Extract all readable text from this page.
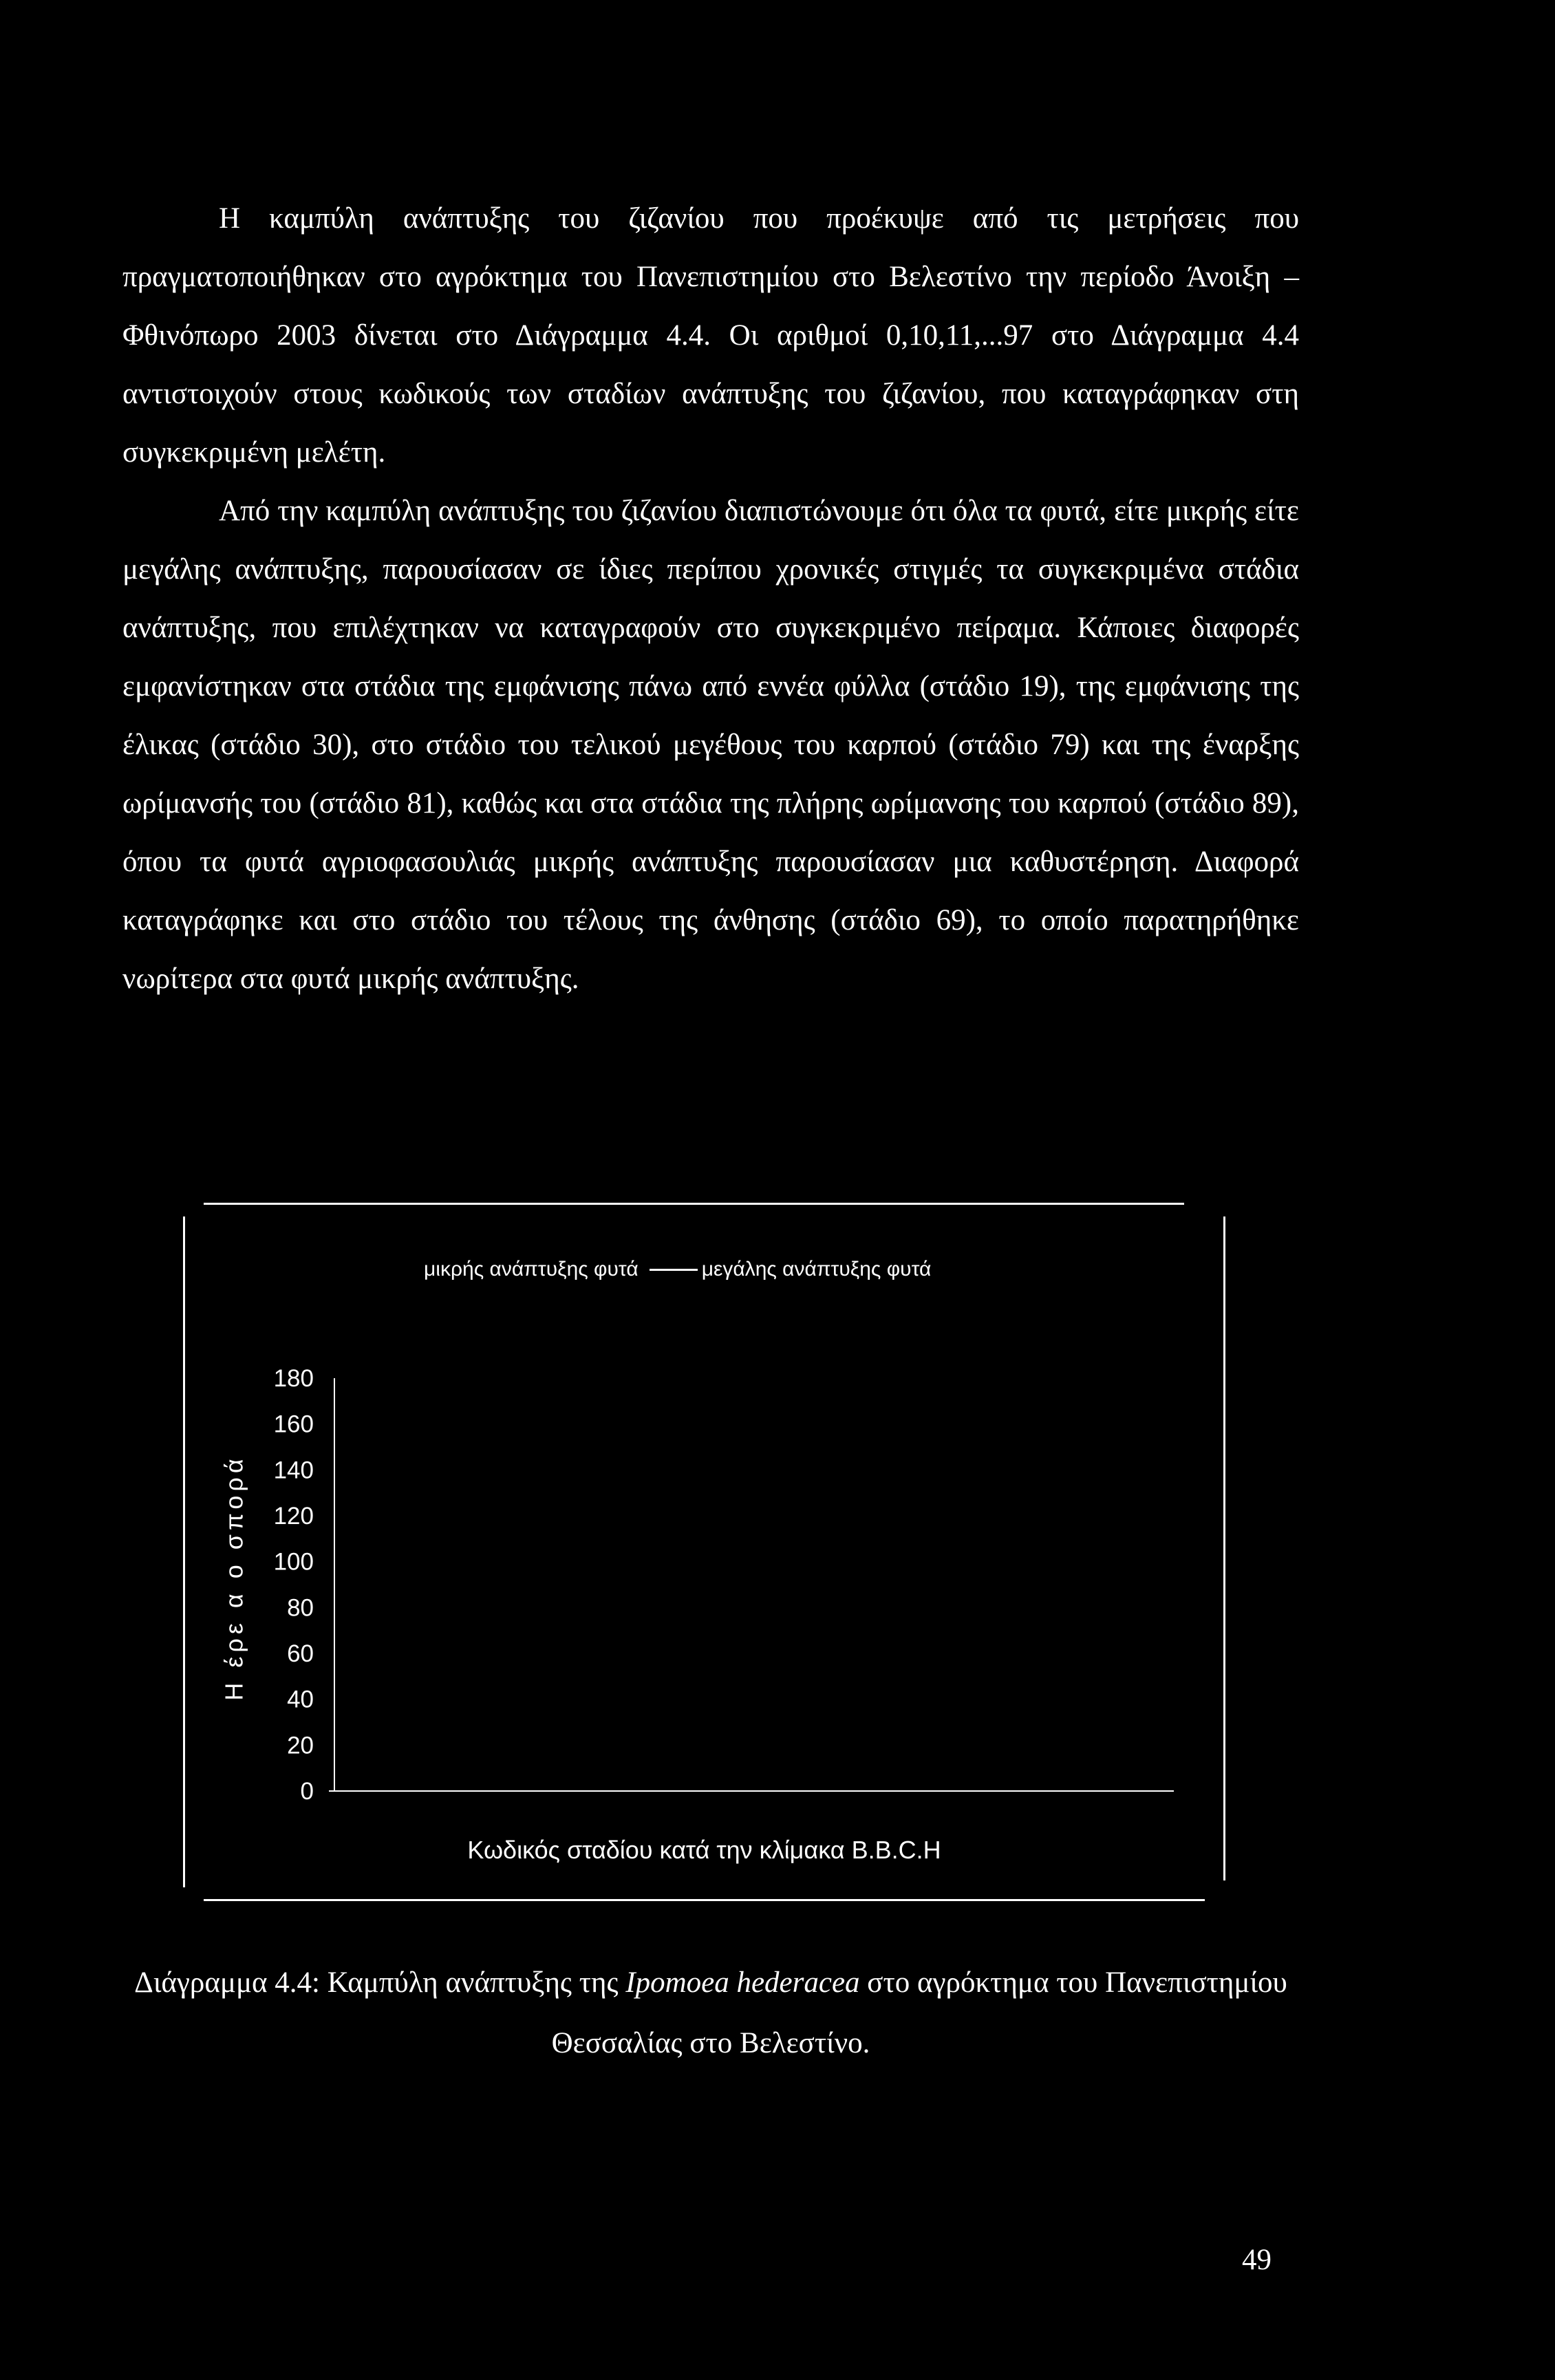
Η καμπύλη ανάπτυξης του ζιζανίου που προέκυψε από τις μετρήσεις που πραγματοποιήθηκαν στο αγρόκτημα του Πανεπιστημίου στο Βελεστίνο την περίοδο Άνοιξη –Φθινόπωρο 2003 δίνεται στο Διάγραμμα 4.4. Οι αριθμοί 0,10,11,...97 στο Διάγραμμα 4.4 αντιστοιχούν στους κωδικούς των σταδίων ανάπτυξης του ζιζανίου, που καταγράφηκαν στη συγκεκριμένη μελέτη.
Από την καμπύλη ανάπτυξης του ζιζανίου διαπιστώνουμε ότι όλα τα φυτά, είτε μικρής είτε μεγάλης ανάπτυξης, παρουσίασαν σε ίδιες περίπου χρονικές στιγμές τα συγκεκριμένα στάδια ανάπτυξης, που επιλέχτηκαν να καταγραφούν στο συγκεκριμένο πείραμα. Κάποιες διαφορές εμφανίστηκαν στα στάδια της εμφάνισης πάνω από εννέα φύλλα (στάδιο 19), της εμφάνισης της έλικας (στάδιο 30), στο στάδιο του τελικού μεγέθους του καρπού (στάδιο 79) και της έναρξης ωρίμανσής του (στάδιο 81), καθώς και στα στάδια της πλήρης ωρίμανσης του καρπού (στάδιο 89), όπου τα φυτά αγριοφασουλιάς μικρής ανάπτυξης παρουσίασαν μια καθυστέρηση. Διαφορά καταγράφηκε και στο στάδιο του τέλους της άνθησης (στάδιο 69), το οποίο παρατηρήθηκε νωρίτερα στα φυτά μικρής ανάπτυξης.
μικρής ανάπτυξης φυτά	μεγάλης ανάπτυξης φυτά
Η έρε α ο σπορά
180
160
140
120
100
80
60
40
20
0
Κωδικός σταδίου κατά την κλίμακα B.B.C.H
Διάγραμμα 4.4: Καμπύλη ανάπτυξης της Ipomoea hederacea στο αγρόκτημα του Πανεπιστημίου Θεσσαλίας στο Βελεστίνο.
49
